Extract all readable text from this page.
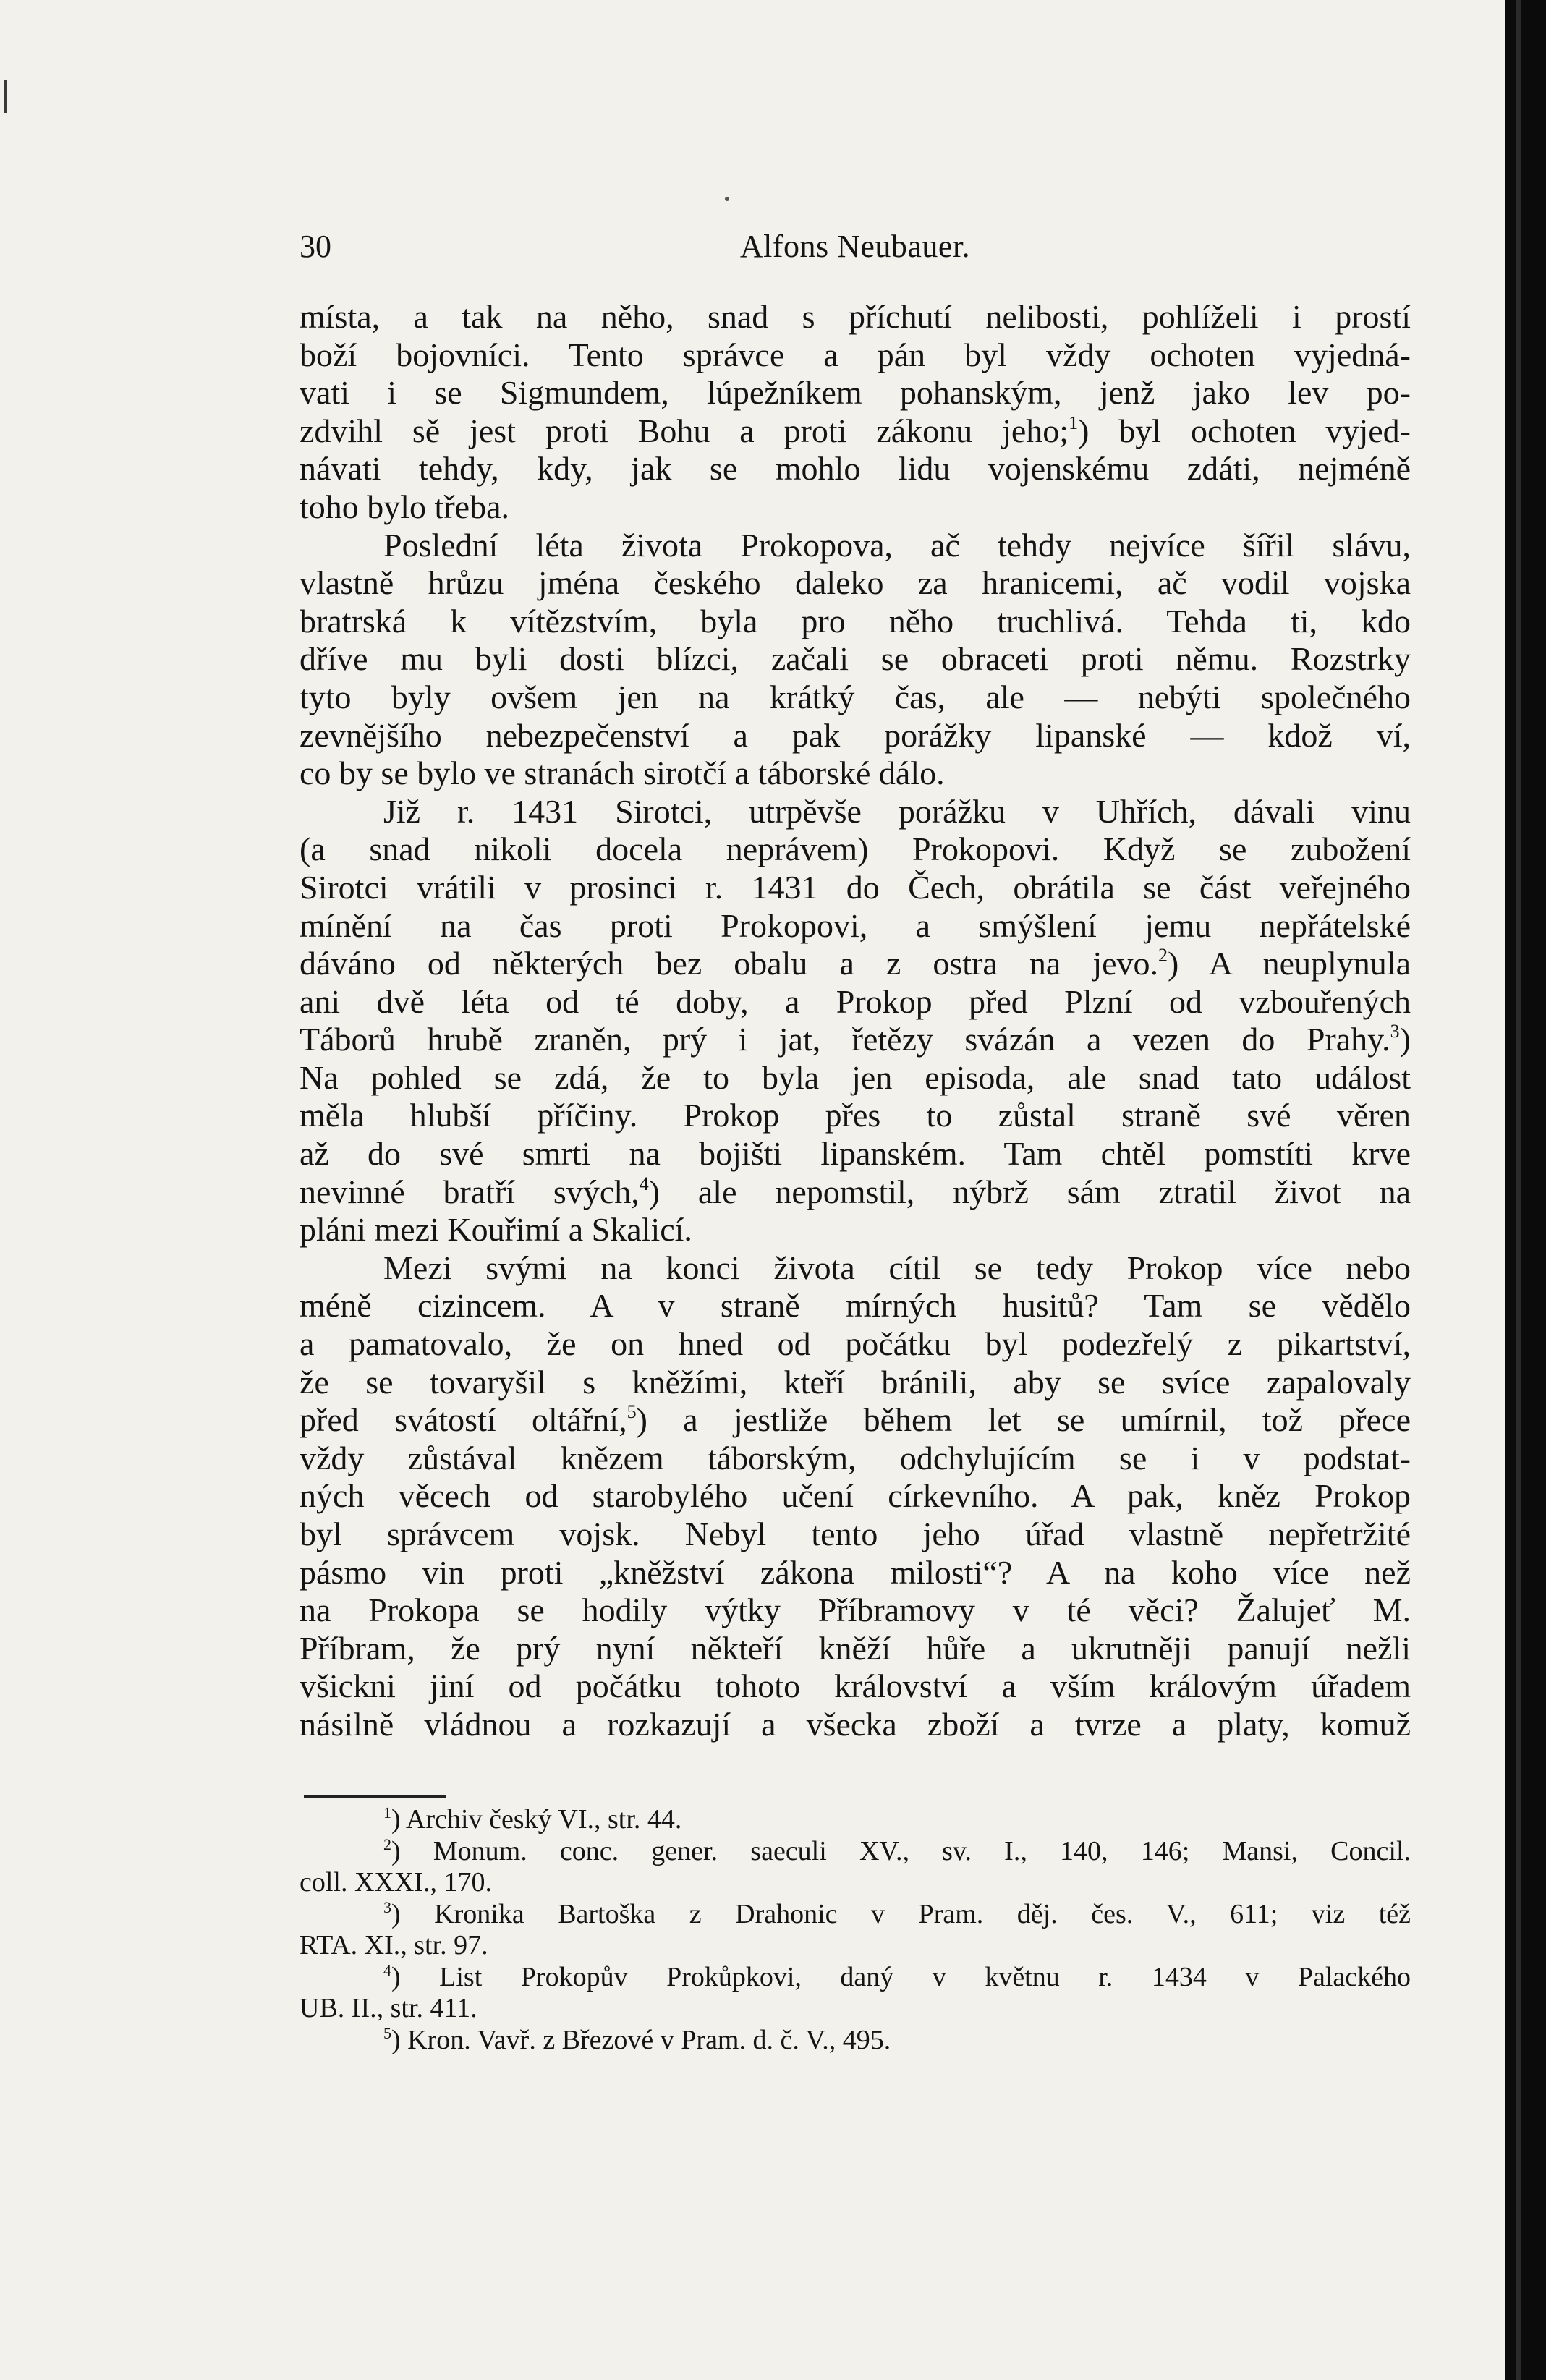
30	Alfons Neubauer.
místa, a tak na něho, snad s příchutí nelibosti, pohlíželi i prostí
boží bojovníci. Tento správce a pán byl vždy ochoten vyjedná-
vati i se Sigmundem, lúpežníkem pohanským, jenž jako lev po-
zdvihl sě jest proti Bohu a proti zákonu jeho;$^1$) byl ochoten vyjed-
návati tehdy, kdy, jak se mohlo lidu vojenskému zdáti, nejméně
toho bylo třeba.
Poslední léta života Prokopova, ač tehdy nejvíce šířil slávu,
vlastně hrůzu jména českého daleko za hranicemi, ač vodil vojska
bratrská k vítězstvím, byla pro něho truchlivá. Tehda ti, kdo
dříve mu byli dosti blízci, začali se obraceti proti němu. Rozstrky
tyto byly ovšem jen na krátký čas, ale — nebýti společného
zevnějšího nebezpečenství a pak porážky lipanské — kdož ví,
co by se bylo ve stranách sirotčí a táborské dálo.
Již r. 1431 Sirotci, utrpěvše porážku v Uhřích, dávali vinu
(a snad nikoli docela neprávem) Prokopovi. Když se zubožení
Sirotci vrátili v prosinci r. 1431 do Čech, obrátila se část veřejného
mínění na čas proti Prokopovi, a smýšlení jemu nepřátelské
dáváno od některých bez obalu a z ostra na jevo.$^2$) A neuplynula
ani dvě léta od té doby, a Prokop před Plzní od vzbouřených
Táborů hrubě zraněn, prý i jat, řetězy svázán a vezen do Prahy.$^3$)
Na pohled se zdá, že to byla jen episoda, ale snad tato událost
měla hlubší příčiny. Prokop přes to zůstal straně své věren
až do své smrti na bojišti lipanském. Tam chtěl pomstíti krve
nevinné bratří svých,$^4$) ale nepomstil, nýbrž sám ztratil život na
pláni mezi Kouřimí a Skalicí.
Mezi svými na konci života cítil se tedy Prokop více nebo
méně cizincem. A v straně mírných husitů? Tam se vědělo
a pamatovalo, že on hned od počátku byl podezřelý z pikartství,
že se tovaryšil s kněžími, kteří bránili, aby se svíce zapalovaly
před svátostí oltářní,$^5$) a jestliže během let se umírnil, tož přece
vždy zůstával knězem táborským, odchylujícím se i v podstat-
ných věcech od starobylého učení církevního. A pak, kněz Prokop
byl správcem vojsk. Nebyl tento jeho úřad vlastně nepřetržité
pásmo vin proti „kněžství zákona milosti“? A na koho více než
na Prokopa se hodily výtky Příbramovy v té věci? Žalujeť M.
Příbram, že prý nyní někteří kněží hůře a ukrutněji panují nežli
všickni jiní od počátku tohoto království a vším královým úřadem
násilně vládnou a rozkazují a všecka zboží a tvrze a platy, komuž
$^1$) Archiv český VI., str. 44.
$^2$) Monum. conc. gener. saeculi XV., sv. I., 140, 146; Mansi, Concil.
coll. XXXI., 170.
$^3$) Kronika Bartoška z Drahonic v Pram. děj. čes. V., 611; viz též
RTA. XI., str. 97.
$^4$) List Prokopův Prokůpkovi, daný v květnu r. 1434 v Palackého
UB. II., str. 411.
$^5$) Kron. Vavř. z Březové v Pram. d. č. V., 495.
